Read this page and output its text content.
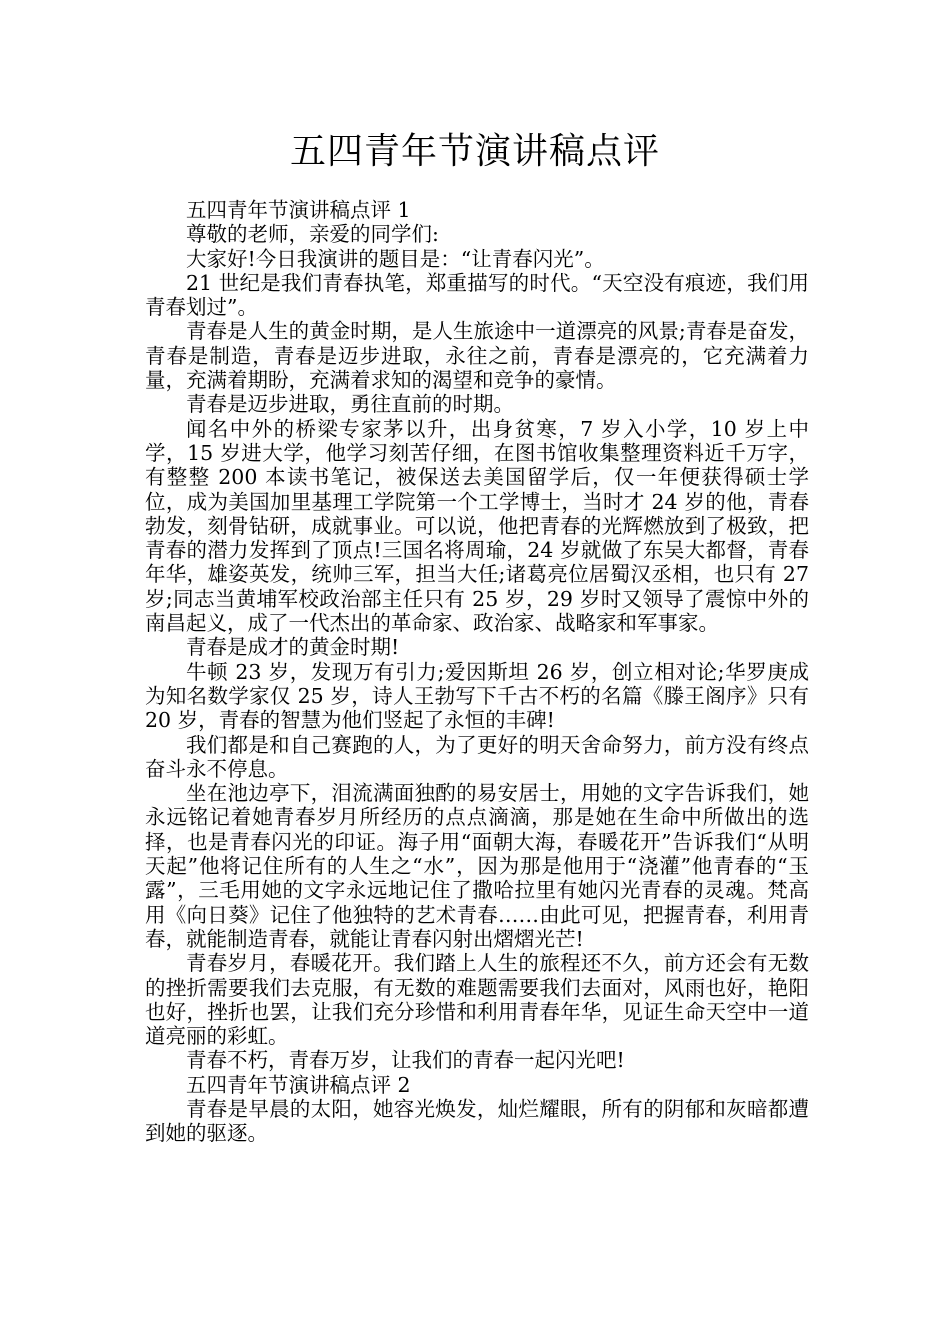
五四青年节演讲稿点评

五四青年节演讲稿点评 1

尊敬的老师，亲爱的同学们:

大家好!今日我演讲的题目是：“让青春闪光”。

21 世纪是我们青春执笔，郑重描写的时代。“天空没有痕迹，我们用青春划过”。

青春是人生的黄金时期，是人生旅途中一道漂亮的风景;青春是奋发，青春是制造，青春是迈步进取，永往之前，青春是漂亮的，它充满着力量，充满着期盼，充满着求知的渴望和竞争的豪情。

青春是迈步进取，勇往直前的时期。

闻名中外的桥梁专家茅以升，出身贫寒，7 岁入小学，10 岁上中学，15 岁进大学，他学习刻苦仔细，在图书馆收集整理资料近千万字，有整整 200 本读书笔记，被保送去美国留学后，仅一年便获得硕士学位，成为美国加里基理工学院第一个工学博士，当时才 24 岁的他，青春勃发，刻骨钻研，成就事业。可以说，他把青春的光辉燃放到了极致，把青春的潜力发挥到了顶点!三国名将周瑜，24 岁就做了东吴大都督，青春年华，雄姿英发，统帅三军，担当大任;诸葛亮位居蜀汉丞相，也只有 27 岁;同志当黄埔军校政治部主任只有 25 岁，29 岁时又领导了震惊中外的南昌起义，成了一代杰出的革命家、政治家、战略家和军事家。

青春是成才的黄金时期!

牛顿 23 岁，发现万有引力;爱因斯坦 26 岁，创立相对论;华罗庚成为知名数学家仅 25 岁，诗人王勃写下千古不朽的名篇《滕王阁序》只有 20 岁，青春的智慧为他们竖起了永恒的丰碑!

我们都是和自己赛跑的人，为了更好的明天舍命努力，前方没有终点奋斗永不停息。

坐在池边亭下，泪流满面独酌的易安居士，用她的文字告诉我们，她永远铭记着她青春岁月所经历的点点滴滴，那是她在生命中所做出的选择，也是青春闪光的印证。海子用“面朝大海，春暖花开”告诉我们“从明天起”他将记住所有的人生之“水”，因为那是他用于“浇灌”他青春的“玉露”，三毛用她的文字永远地记住了撒哈拉里有她闪光青春的灵魂。梵高用《向日葵》记住了他独特的艺术青春……由此可见，把握青春，利用青春，就能制造青春，就能让青春闪射出熠熠光芒!

青春岁月，春暖花开。我们踏上人生的旅程还不久，前方还会有无数的挫折需要我们去克服，有无数的难题需要我们去面对，风雨也好，艳阳也好，挫折也罢，让我们充分珍惜和利用青春年华，见证生命天空中一道道亮丽的彩虹。

青春不朽，青春万岁，让我们的青春一起闪光吧!

五四青年节演讲稿点评 2

青春是早晨的太阳，她容光焕发，灿烂耀眼，所有的阴郁和灰暗都遭到她的驱逐。
